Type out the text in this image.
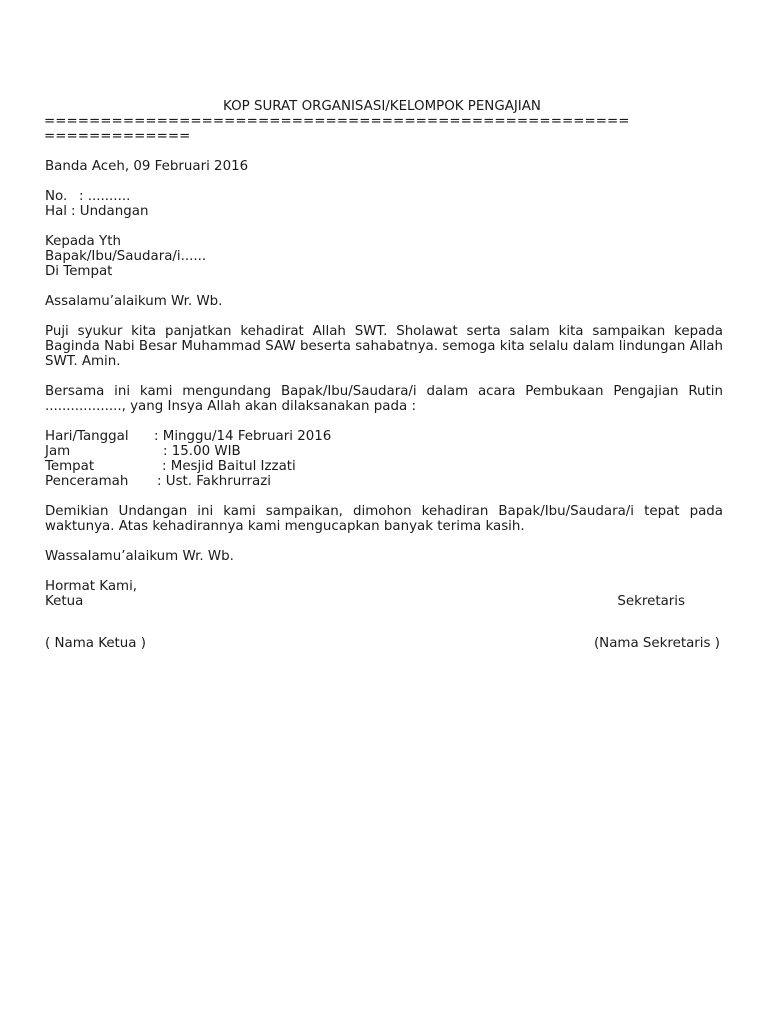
KOP SURAT ORGANISASI/KELOMPOK PENGAJIAN
====================================================
=============
Banda Aceh, 09 Februari 2016
No. : ..........
Hal : Undangan
Kepada Yth
Bapak/Ibu/Saudara/i......
Di Tempat
Assalamu’alaikum Wr. Wb.
Puji syukur kita panjatkan kehadirat Allah SWT. Sholawat serta salam kita sampaikan kepada Baginda Nabi Besar Muhammad SAW beserta sahabatnya. semoga kita selalu dalam lindungan Allah SWT. Amin.
Bersama ini kami mengundang Bapak/Ibu/Saudara/i dalam acara Pembukaan Pengajian Rutin .................., yang Insya Allah akan dilaksanakan pada :
Hari/Tanggal	: Minggu/14 Februari 2016
Jam	: 15.00 WIB
Tempat	: Mesjid Baitul Izzati
Penceramah	: Ust. Fakhrurrazi
Demikian Undangan ini kami sampaikan, dimohon kehadiran Bapak/Ibu/Saudara/i tepat pada waktunya. Atas kehadirannya kami mengucapkan banyak terima kasih.
Wassalamu’alaikum Wr. Wb.
Hormat Kami,
Ketua	Sekretaris
( Nama Ketua )	(Nama Sekretaris )
